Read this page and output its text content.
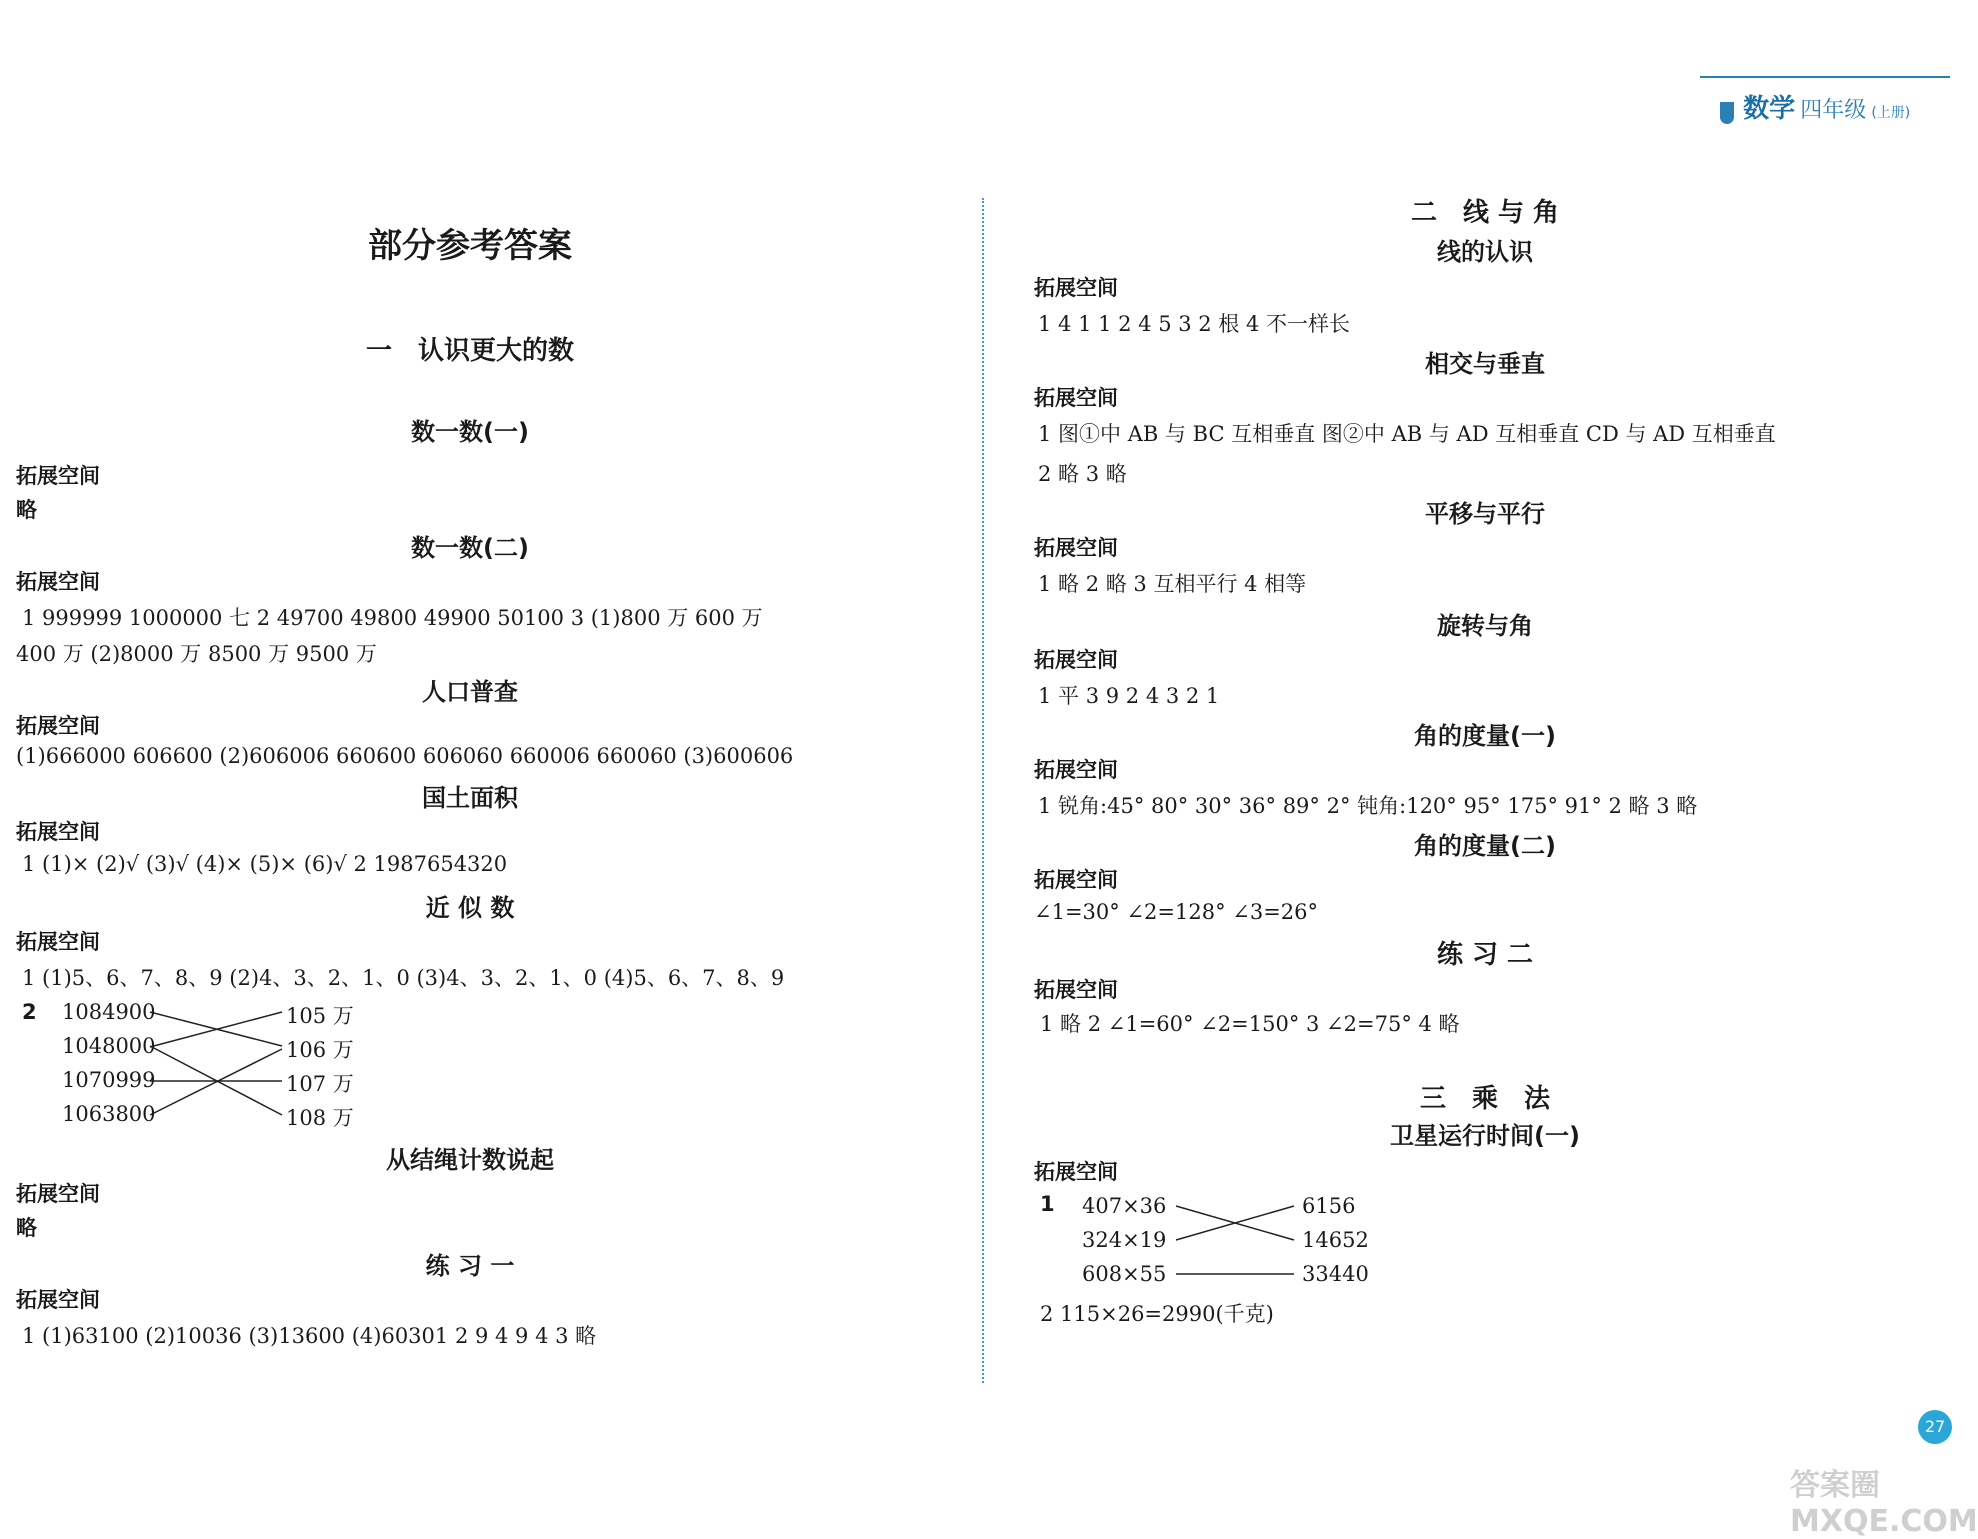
数学 四年级 (上册)
部分参考答案
一　认识更大的数
数一数(一)
拓展空间
略
数一数(二)
拓展空间
1 999999 1000000 七 2 49700 49800 49900 50100 3 (1)800 万 600 万
400 万 (2)8000 万 8500 万 9500 万
人口普查
拓展空间
(1)666000 606600 (2)606006 660600 606060 660006 660060 (3)600606
国土面积
拓展空间
1 (1)× (2)√ (3)√ (4)× (5)× (6)√ 2 1987654320
近 似 数
拓展空间
1 (1)5、6、7、8、9 (2)4、3、2、1、0 (3)4、3、2、1、0 (4)5、6、7、8、9
2 1084900
1048000
1070999
1063800
105 万
106 万
107 万
108 万
从结绳计数说起
拓展空间
略
练 习 一
拓展空间
1 (1)63100 (2)10036 (3)13600 (4)60301 2 9 4 9 4 3 略
二　线 与 角
线的认识
拓展空间
1 4 1 1 2 4 5 3 2 根 4 不一样长
相交与垂直
拓展空间
1 图①中 AB 与 BC 互相垂直 图②中 AB 与 AD 互相垂直 CD 与 AD 互相垂直
2 略 3 略
平移与平行
拓展空间
1 略 2 略 3 互相平行 4 相等
旋转与角
拓展空间
1 平 3 9 2 4 3 2 1
角的度量(一)
拓展空间
1 锐角:45° 80° 30° 36° 89° 2° 钝角:120° 95° 175° 91° 2 略 3 略
角的度量(二)
拓展空间
∠1=30° ∠2=128° ∠3=26°
练 习 二
拓展空间
1 略 2 ∠1=60° ∠2=150° 3 ∠2=75° 4 略
三　乘　法
卫星运行时间(一)
拓展空间
1 407×36
324×19
608×55
6156
14652
33440
2 115×26=2990(千克)
27
答案圈 MXQE.COM
